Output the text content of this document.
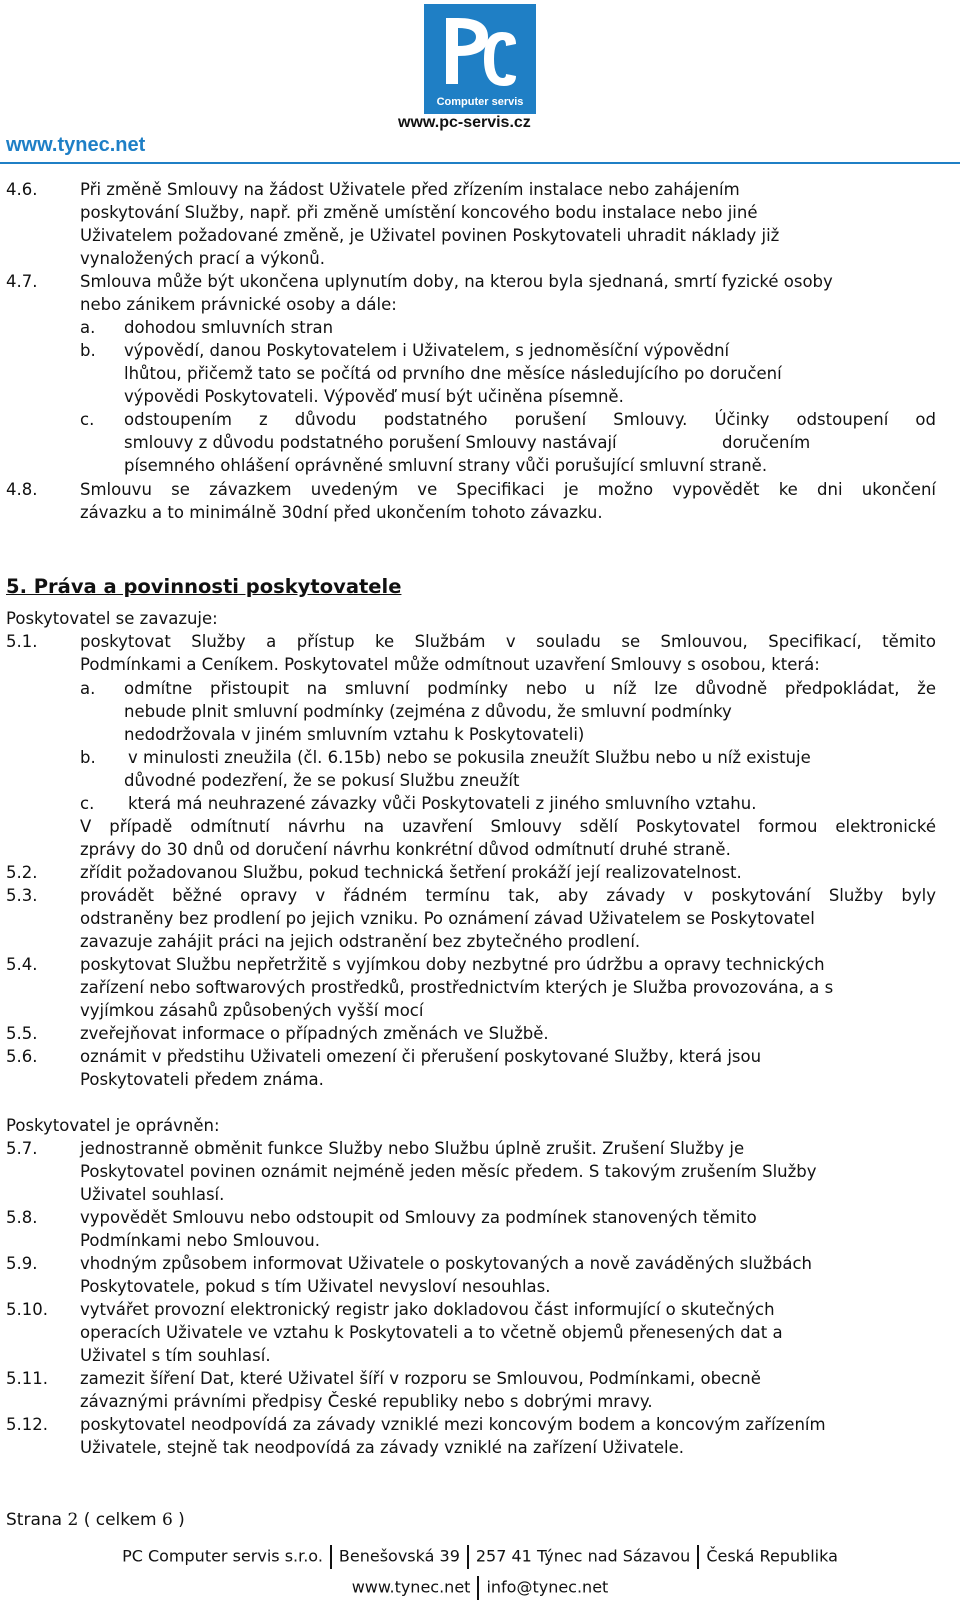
Computer servis
www.pc-servis.cz
www.tynec.net
4.6.	Při změně Smlouvy na žádost Uživatele před zřízením instalace nebo zahájením
poskytování Služby, např. při změně umístění koncového bodu instalace nebo jiné
Uživatelem požadované změně, je Uživatel povinen Poskytovateli uhradit náklady již
vynaložených prací a výkonů.
4.7.	Smlouva může být ukončena uplynutím doby, na kterou byla sjednaná, smrtí fyzické osoby
nebo zánikem právnické osoby a dále:
a. dohodou smluvních stran
b. výpovědí, danou Poskytovatelem i Uživatelem, s jednoměsíční výpovědní
lhůtou, přičemž tato se počítá od prvního dne měsíce následujícího po doručení
výpovědi Poskytovateli. Výpověď musí být učiněna písemně.
c. odstoupením z důvodu podstatného porušení Smlouvy. Účinky odstoupení od
smlouvy z důvodu podstatného porušení Smlouvy nastávají	doručením
písemného ohlášení oprávněné smluvní strany vůči porušující smluvní straně.
4.8.	Smlouvu se závazkem uvedeným ve Specifikaci je možno vypovědět ke dni ukončení
závazku a to minimálně 30dní před ukončením tohoto závazku.
5. Práva a povinnosti poskytovatele
Poskytovatel se zavazuje:
5.1.	poskytovat Služby a přístup ke Službám v souladu se Smlouvou, Specifikací, těmito
Podmínkami a Ceníkem. Poskytovatel může odmítnout uzavření Smlouvy s osobou, která:
a. odmítne přistoupit na smluvní podmínky nebo u níž lze důvodně předpokládat, že
nebude plnit smluvní podmínky (zejména z důvodu, že smluvní podmínky
nedodržovala v jiném smluvním vztahu k Poskytovateli)
b. v minulosti zneužila (čl. 6.15b) nebo se pokusila zneužít Službu nebo u níž existuje
důvodné podezření, že se pokusí Službu zneužít
c. která má neuhrazené závazky vůči Poskytovateli z jiného smluvního vztahu.
V případě odmítnutí návrhu na uzavření Smlouvy sdělí Poskytovatel formou elektronické
zprávy do 30 dnů od doručení návrhu konkrétní důvod odmítnutí druhé straně.
5.2.	zřídit požadovanou Službu, pokud technická šetření prokáží její realizovatelnost.
5.3.	provádět běžné opravy v řádném termínu tak, aby závady v poskytování Služby byly
odstraněny bez prodlení po jejich vzniku. Po oznámení závad Uživatelem se Poskytovatel
zavazuje zahájit práci na jejich odstranění bez zbytečného prodlení.
5.4.	poskytovat Službu nepřetržitě s vyjímkou doby nezbytné pro údržbu a opravy technických
zařízení nebo softwarových prostředků, prostřednictvím kterých je Služba provozována, a s
vyjímkou zásahů způsobených vyšší mocí
5.5.	zveřejňovat informace o případných změnách ve Službě.
5.6.	oznámit v předstihu Uživateli omezení či přerušení poskytované Služby, která jsou
Poskytovateli předem známa.
Poskytovatel je oprávněn:
5.7.	jednostranně obměnit funkce Služby nebo Službu úplně zrušit. Zrušení Služby je
Poskytovatel povinen oznámit nejméně jeden měsíc předem. S takovým zrušením Služby
Uživatel souhlasí.
5.8.	vypovědět Smlouvu nebo odstoupit od Smlouvy za podmínek stanovených těmito
Podmínkami nebo Smlouvou.
5.9.	vhodným způsobem informovat Uživatele o poskytovaných a nově zaváděných službách
Poskytovatele, pokud s tím Uživatel nevysloví nesouhlas.
5.10. vytvářet provozní elektronický registr jako dokladovou část informující o skutečných
operacích Uživatele ve vztahu k Poskytovateli a to včetně objemů přenesených dat a
Uživatel s tím souhlasí.
5.11. zamezit šíření Dat, které Uživatel šíří v rozporu se Smlouvou, Podmínkami, obecně
závaznými právními předpisy České republiky nebo s dobrými mravy.
5.12. poskytovatel neodpovídá za závady vzniklé mezi koncovým bodem a koncovým zařízením
Uživatele, stejně tak neodpovídá za závady vzniklé na zařízení Uživatele.
Strana 2 ( celkem 6 )
PC Computer servis s.r.o. Benešovská 39 257 41 Týnec nad Sázavou Česká Republika
www.tynec.net info@tynec.net
